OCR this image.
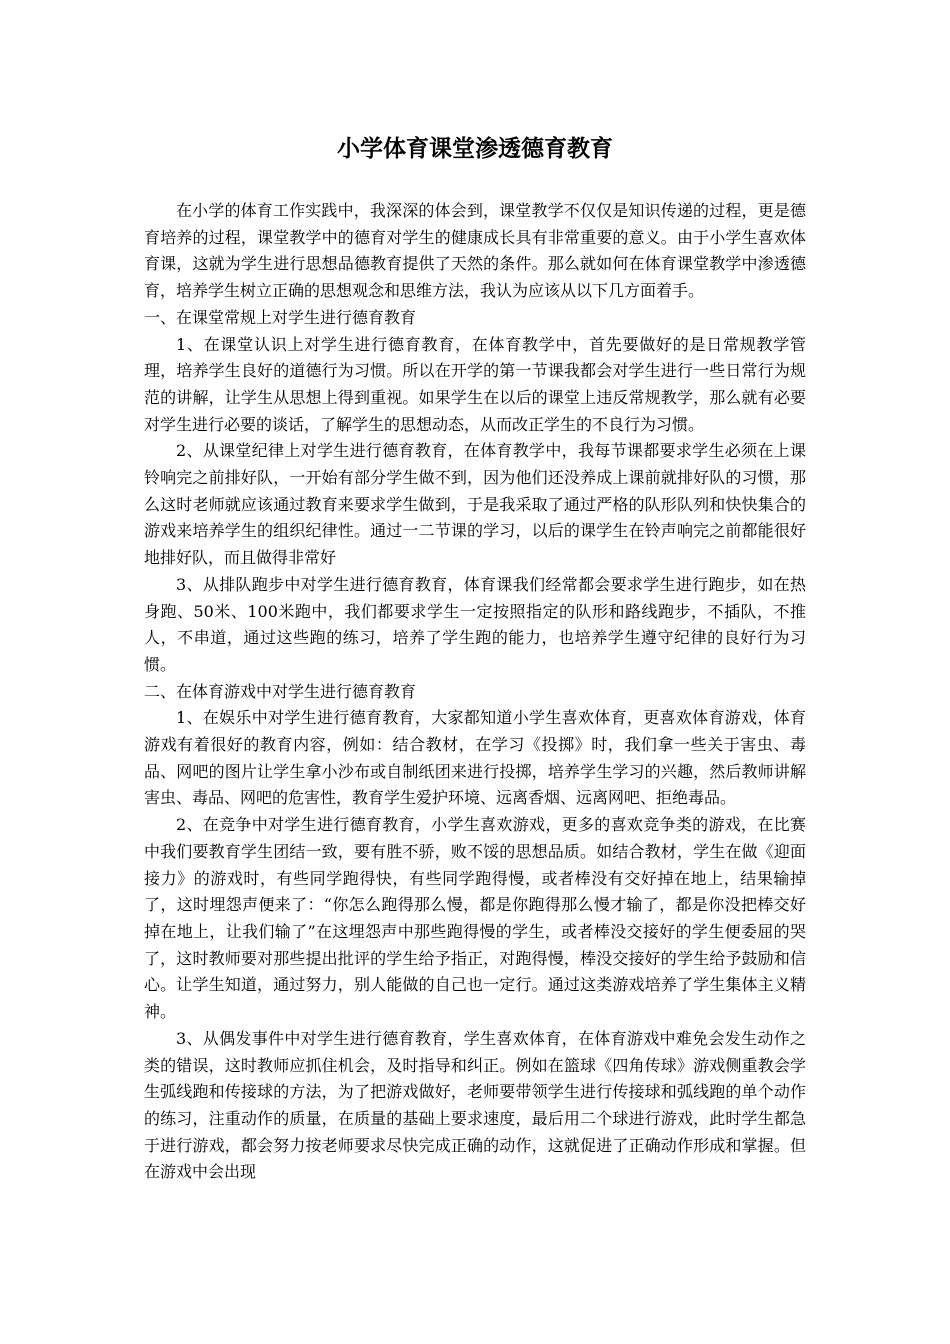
小学体育课堂渗透德育教育

在小学的体育工作实践中，我深深的体会到，课堂教学不仅仅是知识传递的过程，更是德育培养的过程，课堂教学中的德育对学生的健康成长具有非常重要的意义。由于小学生喜欢体育课，这就为学生进行思想品德教育提供了天然的条件。那么就如何在体育课堂教学中渗透德育，培养学生树立正确的思想观念和思维方法，我认为应该从以下几方面着手。

一、在课堂常规上对学生进行德育教育

1、在课堂认识上对学生进行德育教育，在体育教学中，首先要做好的是日常规教学管理，培养学生良好的道德行为习惯。所以在开学的第一节课我都会对学生进行一些日常行为规范的讲解，让学生从思想上得到重视。如果学生在以后的课堂上违反常规教学，那么就有必要对学生进行必要的谈话，了解学生的思想动态，从而改正学生的不良行为习惯。

2、从课堂纪律上对学生进行德育教育，在体育教学中，我每节课都要求学生必须在上课铃响完之前排好队，一开始有部分学生做不到，因为他们还没养成上课前就排好队的习惯，那么这时老师就应该通过教育来要求学生做到，于是我采取了通过严格的队形队列和快快集合的游戏来培养学生的组织纪律性。通过一二节课的学习，以后的课学生在铃声响完之前都能很好地排好队，而且做得非常好

3、从排队跑步中对学生进行德育教育，体育课我们经常都会要求学生进行跑步，如在热身跑、50米、100米跑中，我们都要求学生一定按照指定的队形和路线跑步，不插队，不推人，不串道，通过这些跑的练习，培养了学生跑的能力，也培养学生遵守纪律的良好行为习惯。

二、在体育游戏中对学生进行德育教育

1、在娱乐中对学生进行德育教育，大家都知道小学生喜欢体育，更喜欢体育游戏，体育游戏有着很好的教育内容，例如：结合教材，在学习《投掷》时，我们拿一些关于害虫、毒品、网吧的图片让学生拿小沙布或自制纸团来进行投掷，培养学生学习的兴趣，然后教师讲解害虫、毒品、网吧的危害性，教育学生爱护环境、远离香烟、远离网吧、拒绝毒品。

2、在竞争中对学生进行德育教育，小学生喜欢游戏，更多的喜欢竞争类的游戏，在比赛中我们要教育学生团结一致，要有胜不骄，败不馁的思想品质。如结合教材，学生在做《迎面接力》的游戏时，有些同学跑得快，有些同学跑得慢，或者棒没有交好掉在地上，结果输掉了，这时埋怨声便来了：“你怎么跑得那么慢，都是你跑得那么慢才输了，都是你没把棒交好掉在地上，让我们输了”在这埋怨声中那些跑得慢的学生，或者棒没交接好的学生便委屈的哭了，这时教师要对那些提出批评的学生给予指正，对跑得慢，棒没交接好的学生给予鼓励和信心。让学生知道，通过努力，别人能做的自己也一定行。通过这类游戏培养了学生集体主义精神。

3、从偶发事件中对学生进行德育教育，学生喜欢体育，在体育游戏中难免会发生动作之类的错误，这时教师应抓住机会，及时指导和纠正。例如在篮球《四角传球》游戏侧重教会学生弧线跑和传接球的方法，为了把游戏做好，老师要带领学生进行传接球和弧线跑的单个动作的练习，注重动作的质量，在质量的基础上要求速度，最后用二个球进行游戏，此时学生都急于进行游戏，都会努力按老师要求尽快完成正确的动作，这就促进了正确动作形成和掌握。但在游戏中会出现
